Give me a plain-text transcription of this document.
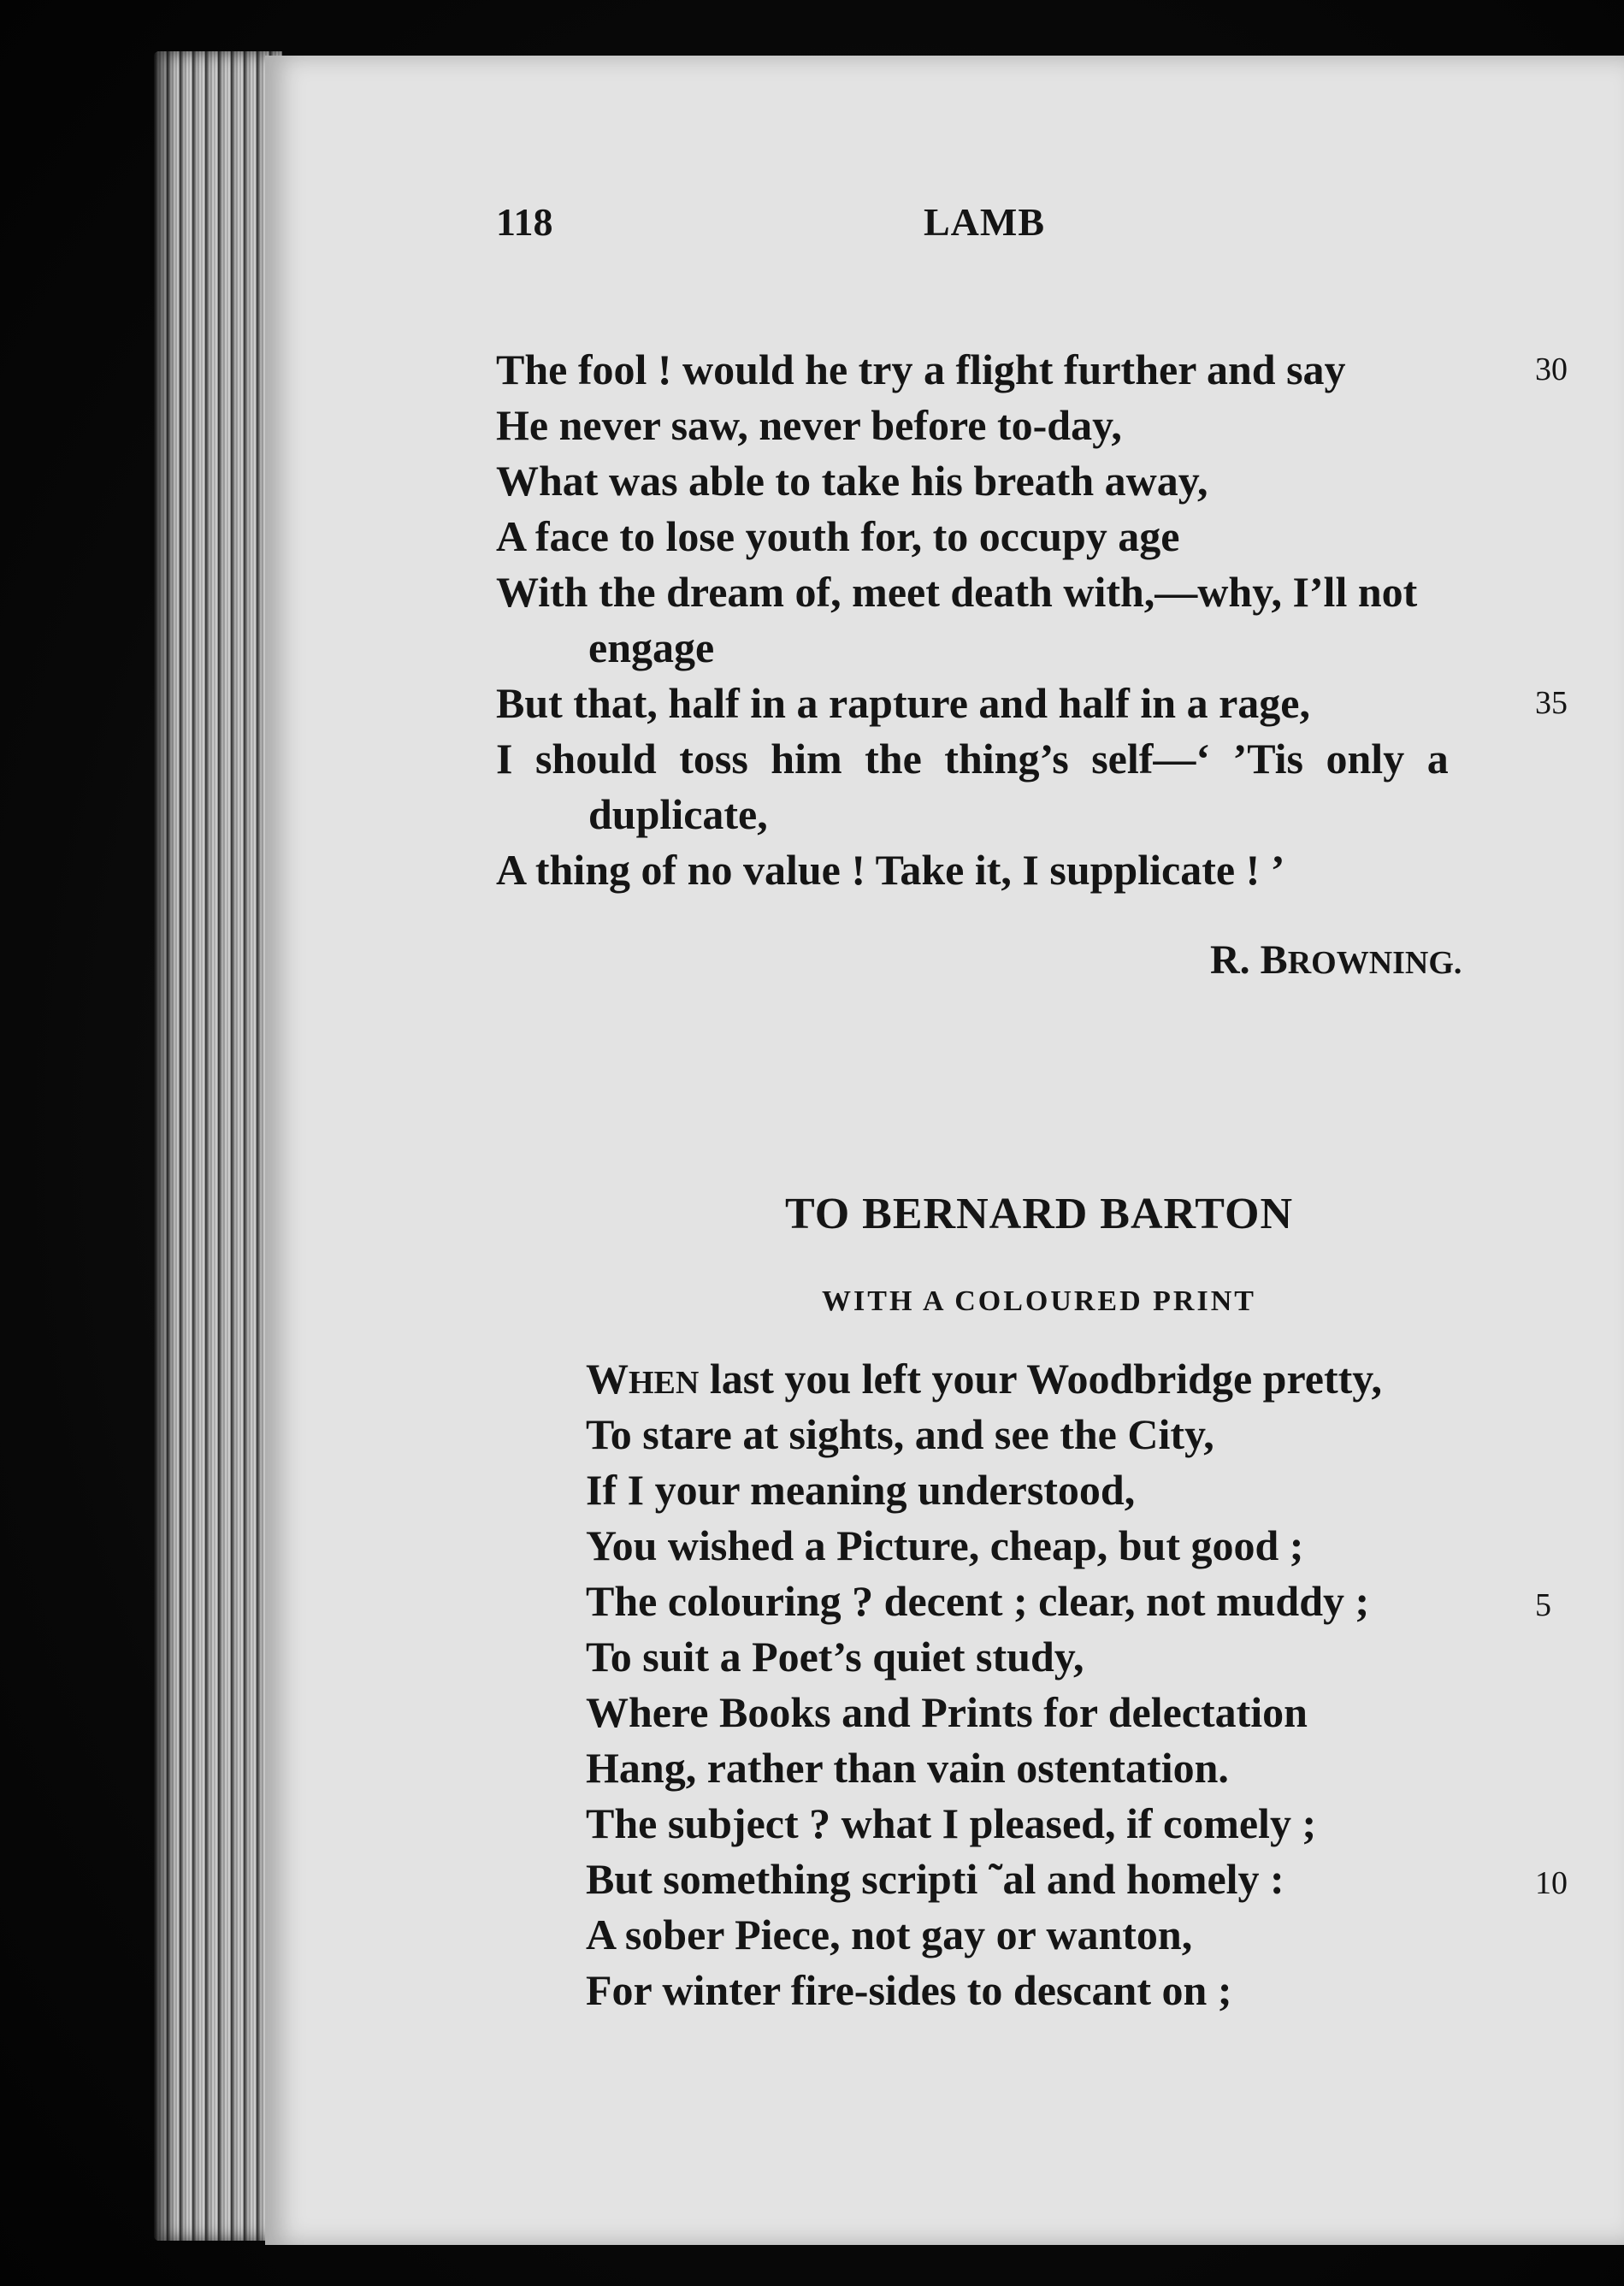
118	LAMB
The fool ! would he try a flight further and say	30
He never saw, never before to-day,
What was able to take his breath away,
A face to lose youth for, to occupy age
With the dream of, meet death with,—why, I’ll not
engage
But that, half in a rapture and half in a rage,	35
I should toss him the thing’s self—‘ ’Tis only a
duplicate,
A thing of no value ! Take it, I supplicate ! ’
R. BROWNING.
TO BERNARD BARTON
WITH A COLOURED PRINT
WHEN last you left your Woodbridge pretty,
To stare at sights, and see the City,
If I your meaning understood,
You wished a Picture, cheap, but good ;
The colouring ? decent ; clear, not muddy ;	5
To suit a Poet’s quiet study,
Where Books and Prints for delectation
Hang, rather than vain ostentation.
The subject ? what I pleased, if comely ;
But something scripti ˜al and homely :	10
A sober Piece, not gay or wanton,
For winter fire-sides to descant on ;
